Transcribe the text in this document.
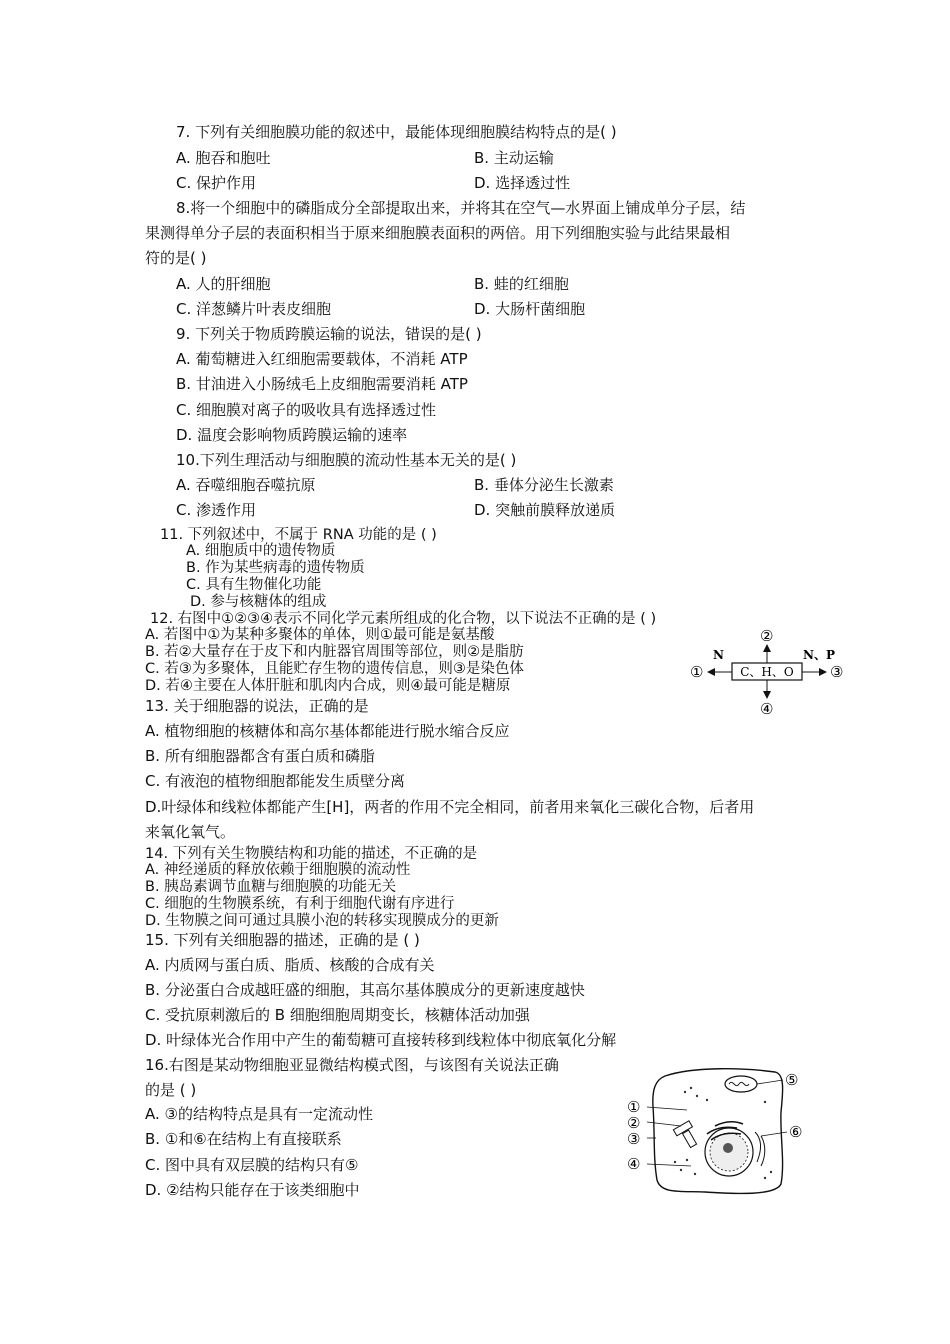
7. 下列有关细胞膜功能的叙述中，最能体现细胞膜结构特点的是( )
A. 胞吞和胞吐	B. 主动运输
C. 保护作用	D. 选择透过性
8.将一个细胞中的磷脂成分全部提取出来，并将其在空气—水界面上铺成单分子层，结
果测得单分子层的表面积相当于原来细胞膜表面积的两倍。用下列细胞实验与此结果最相
符的是( )
A. 人的肝细胞	B. 蛙的红细胞
C. 洋葱鳞片叶表皮细胞	D. 大肠杆菌细胞
9. 下列关于物质跨膜运输的说法，错误的是( )
A. 葡萄糖进入红细胞需要载体，不消耗 ATP
B. 甘油进入小肠绒毛上皮细胞需要消耗 ATP
C. 细胞膜对离子的吸收具有选择透过性
D. 温度会影响物质跨膜运输的速率
10.下列生理活动与细胞膜的流动性基本无关的是( )
A. 吞噬细胞吞噬抗原	B. 垂体分泌生长激素
C. 渗透作用	D. 突触前膜释放递质
11. 下列叙述中，不属于 RNA 功能的是 ( )
A. 细胞质中的遗传物质
B. 作为某些病毒的遗传物质
C. 具有生物催化功能
D. 参与核糖体的组成
12. 右图中①②③④表示不同化学元素所组成的化合物，以下说法不正确的是 ( )
A. 若图中①为某种多聚体的单体，则①最可能是氨基酸
B. 若②大量存在于皮下和内脏器官周围等部位，则②是脂肪
C. 若③为多聚体，且能贮存生物的遗传信息，则③是染色体
D. 若④主要在人体肝脏和肌肉内合成，则④最可能是糖原
C、H、O
N	N、P
①
②
③
④
13. 关于细胞器的说法，正确的是
A. 植物细胞的核糖体和高尔基体都能进行脱水缩合反应
B. 所有细胞器都含有蛋白质和磷脂
C. 有液泡的植物细胞都能发生质壁分离
D.叶绿体和线粒体都能产生[H]，两者的作用不完全相同，前者用来氧化三碳化合物，后者用
来氧化氧气。
14. 下列有关生物膜结构和功能的描述，不正确的是
A. 神经递质的释放依赖于细胞膜的流动性
B. 胰岛素调节血糖与细胞膜的功能无关
C. 细胞的生物膜系统，有利于细胞代谢有序进行
D. 生物膜之间可通过具膜小泡的转移实现膜成分的更新
15. 下列有关细胞器的描述，正确的是 ( )
A. 内质网与蛋白质、脂质、核酸的合成有关
B. 分泌蛋白合成越旺盛的细胞，其高尔基体膜成分的更新速度越快
C. 受抗原刺激后的 B 细胞细胞周期变长，核糖体活动加强
D. 叶绿体光合作用中产生的葡萄糖可直接转移到线粒体中彻底氧化分解
16.右图是某动物细胞亚显微结构模式图，与该图有关说法正确
的是 ( )
A. ③的结构特点是具有一定流动性
B. ①和⑥在结构上有直接联系
C. 图中具有双层膜的结构只有⑤
D. ②结构只能存在于该类细胞中
①
②
③
④
⑤
⑥
